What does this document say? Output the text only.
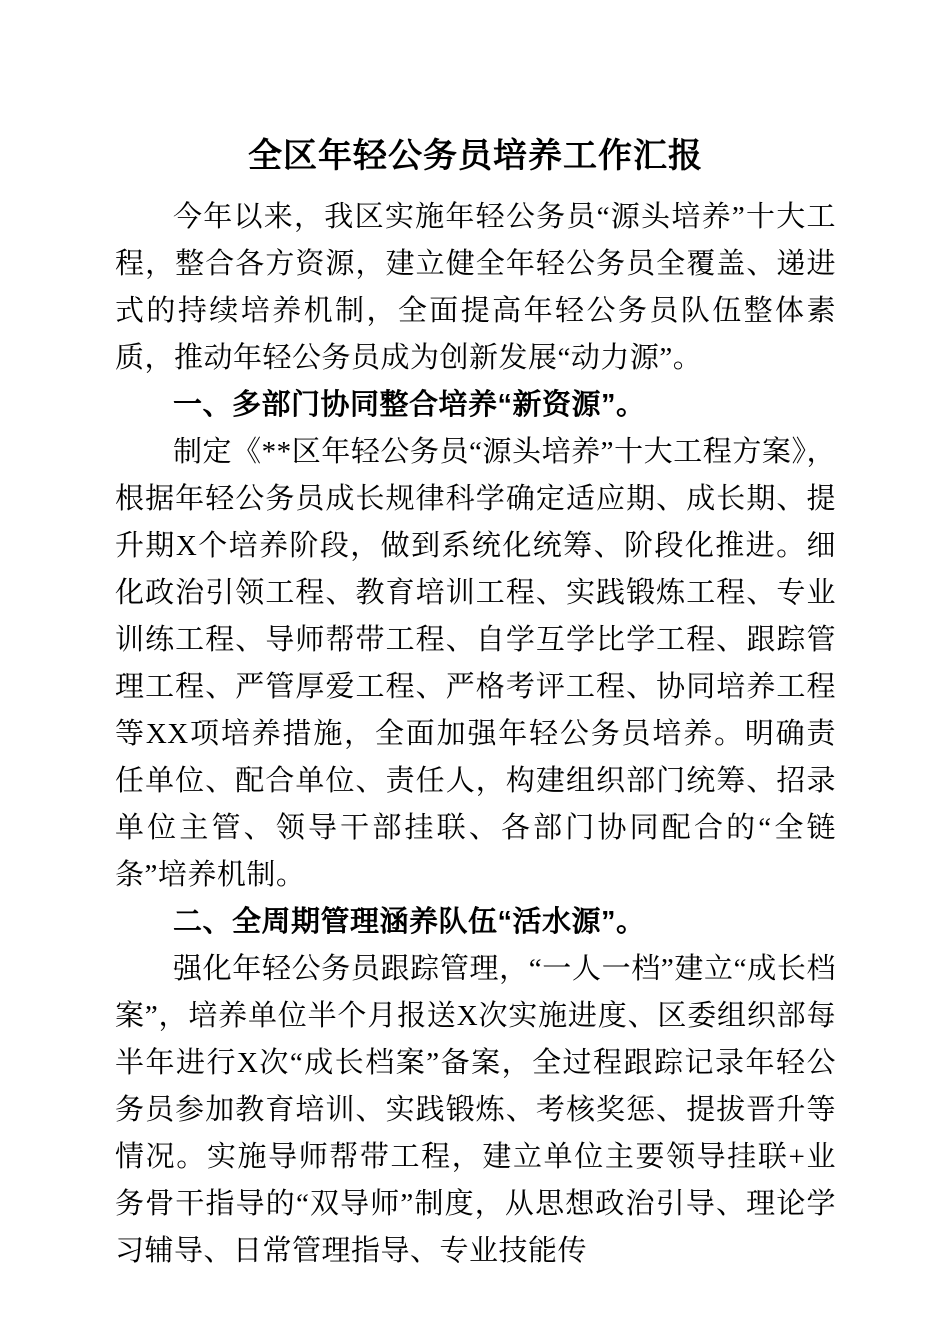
全区年轻公务员培养工作汇报

今年以来，我区实施年轻公务员“源头培养”十大工程，整合各方资源，建立健全年轻公务员全覆盖、递进式的持续培养机制，全面提高年轻公务员队伍整体素质，推动年轻公务员成为创新发展“动力源”。

一、多部门协同整合培养“新资源”。

制定《**区年轻公务员“源头培养”十大工程方案》，根据年轻公务员成长规律科学确定适应期、成长期、提升期X个培养阶段，做到系统化统筹、阶段化推进。细化政治引领工程、教育培训工程、实践锻炼工程、专业训练工程、导师帮带工程、自学互学比学工程、跟踪管理工程、严管厚爱工程、严格考评工程、协同培养工程等XX项培养措施，全面加强年轻公务员培养。明确责任单位、配合单位、责任人，构建组织部门统筹、招录单位主管、领导干部挂联、各部门协同配合的“全链条”培养机制。

二、全周期管理涵养队伍“活水源”。

强化年轻公务员跟踪管理，“一人一档”建立“成长档案”，培养单位半个月报送X次实施进度、区委组织部每半年进行X次“成长档案”备案，全过程跟踪记录年轻公务员参加教育培训、实践锻炼、考核奖惩、提拔晋升等情况。实施导师帮带工程，建立单位主要领导挂联+业务骨干指导的“双导师”制度，从思想政治引导、理论学习辅导、日常管理指导、专业技能传
